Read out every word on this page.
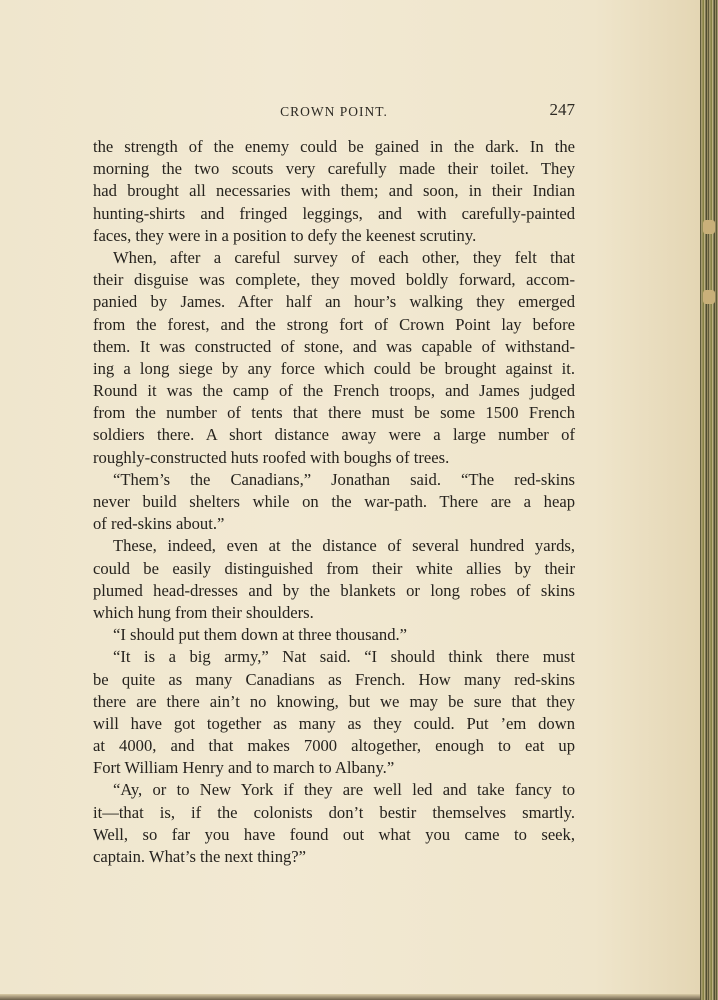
CROWN POINT.	247
the strength of the enemy could be gained in the dark. In the
morning the two scouts very carefully made their toilet. They
had brought all necessaries with them; and soon, in their Indian
hunting-shirts and fringed leggings, and with carefully-painted
faces, they were in a position to defy the keenest scrutiny.
When, after a careful survey of each other, they felt that
their disguise was complete, they moved boldly forward, accom-
panied by James. After half an hour’s walking they emerged
from the forest, and the strong fort of Crown Point lay before
them. It was constructed of stone, and was capable of withstand-
ing a long siege by any force which could be brought against it.
Round it was the camp of the French troops, and James judged
from the number of tents that there must be some 1500 French
soldiers there. A short distance away were a large number of
roughly-constructed huts roofed with boughs of trees.
“Them’s the Canadians,” Jonathan said. “The red-skins
never build shelters while on the war-path. There are a heap
of red-skins about.”
These, indeed, even at the distance of several hundred yards,
could be easily distinguished from their white allies by their
plumed head-dresses and by the blankets or long robes of skins
which hung from their shoulders.
“I should put them down at three thousand.”
“It is a big army,” Nat said. “I should think there must
be quite as many Canadians as French. How many red-skins
there are there ain’t no knowing, but we may be sure that they
will have got together as many as they could. Put ’em down
at 4000, and that makes 7000 altogether, enough to eat up
Fort William Henry and to march to Albany.”
“Ay, or to New York if they are well led and take fancy to
it—that is, if the colonists don’t bestir themselves smartly.
Well, so far you have found out what you came to seek,
captain. What’s the next thing?”
